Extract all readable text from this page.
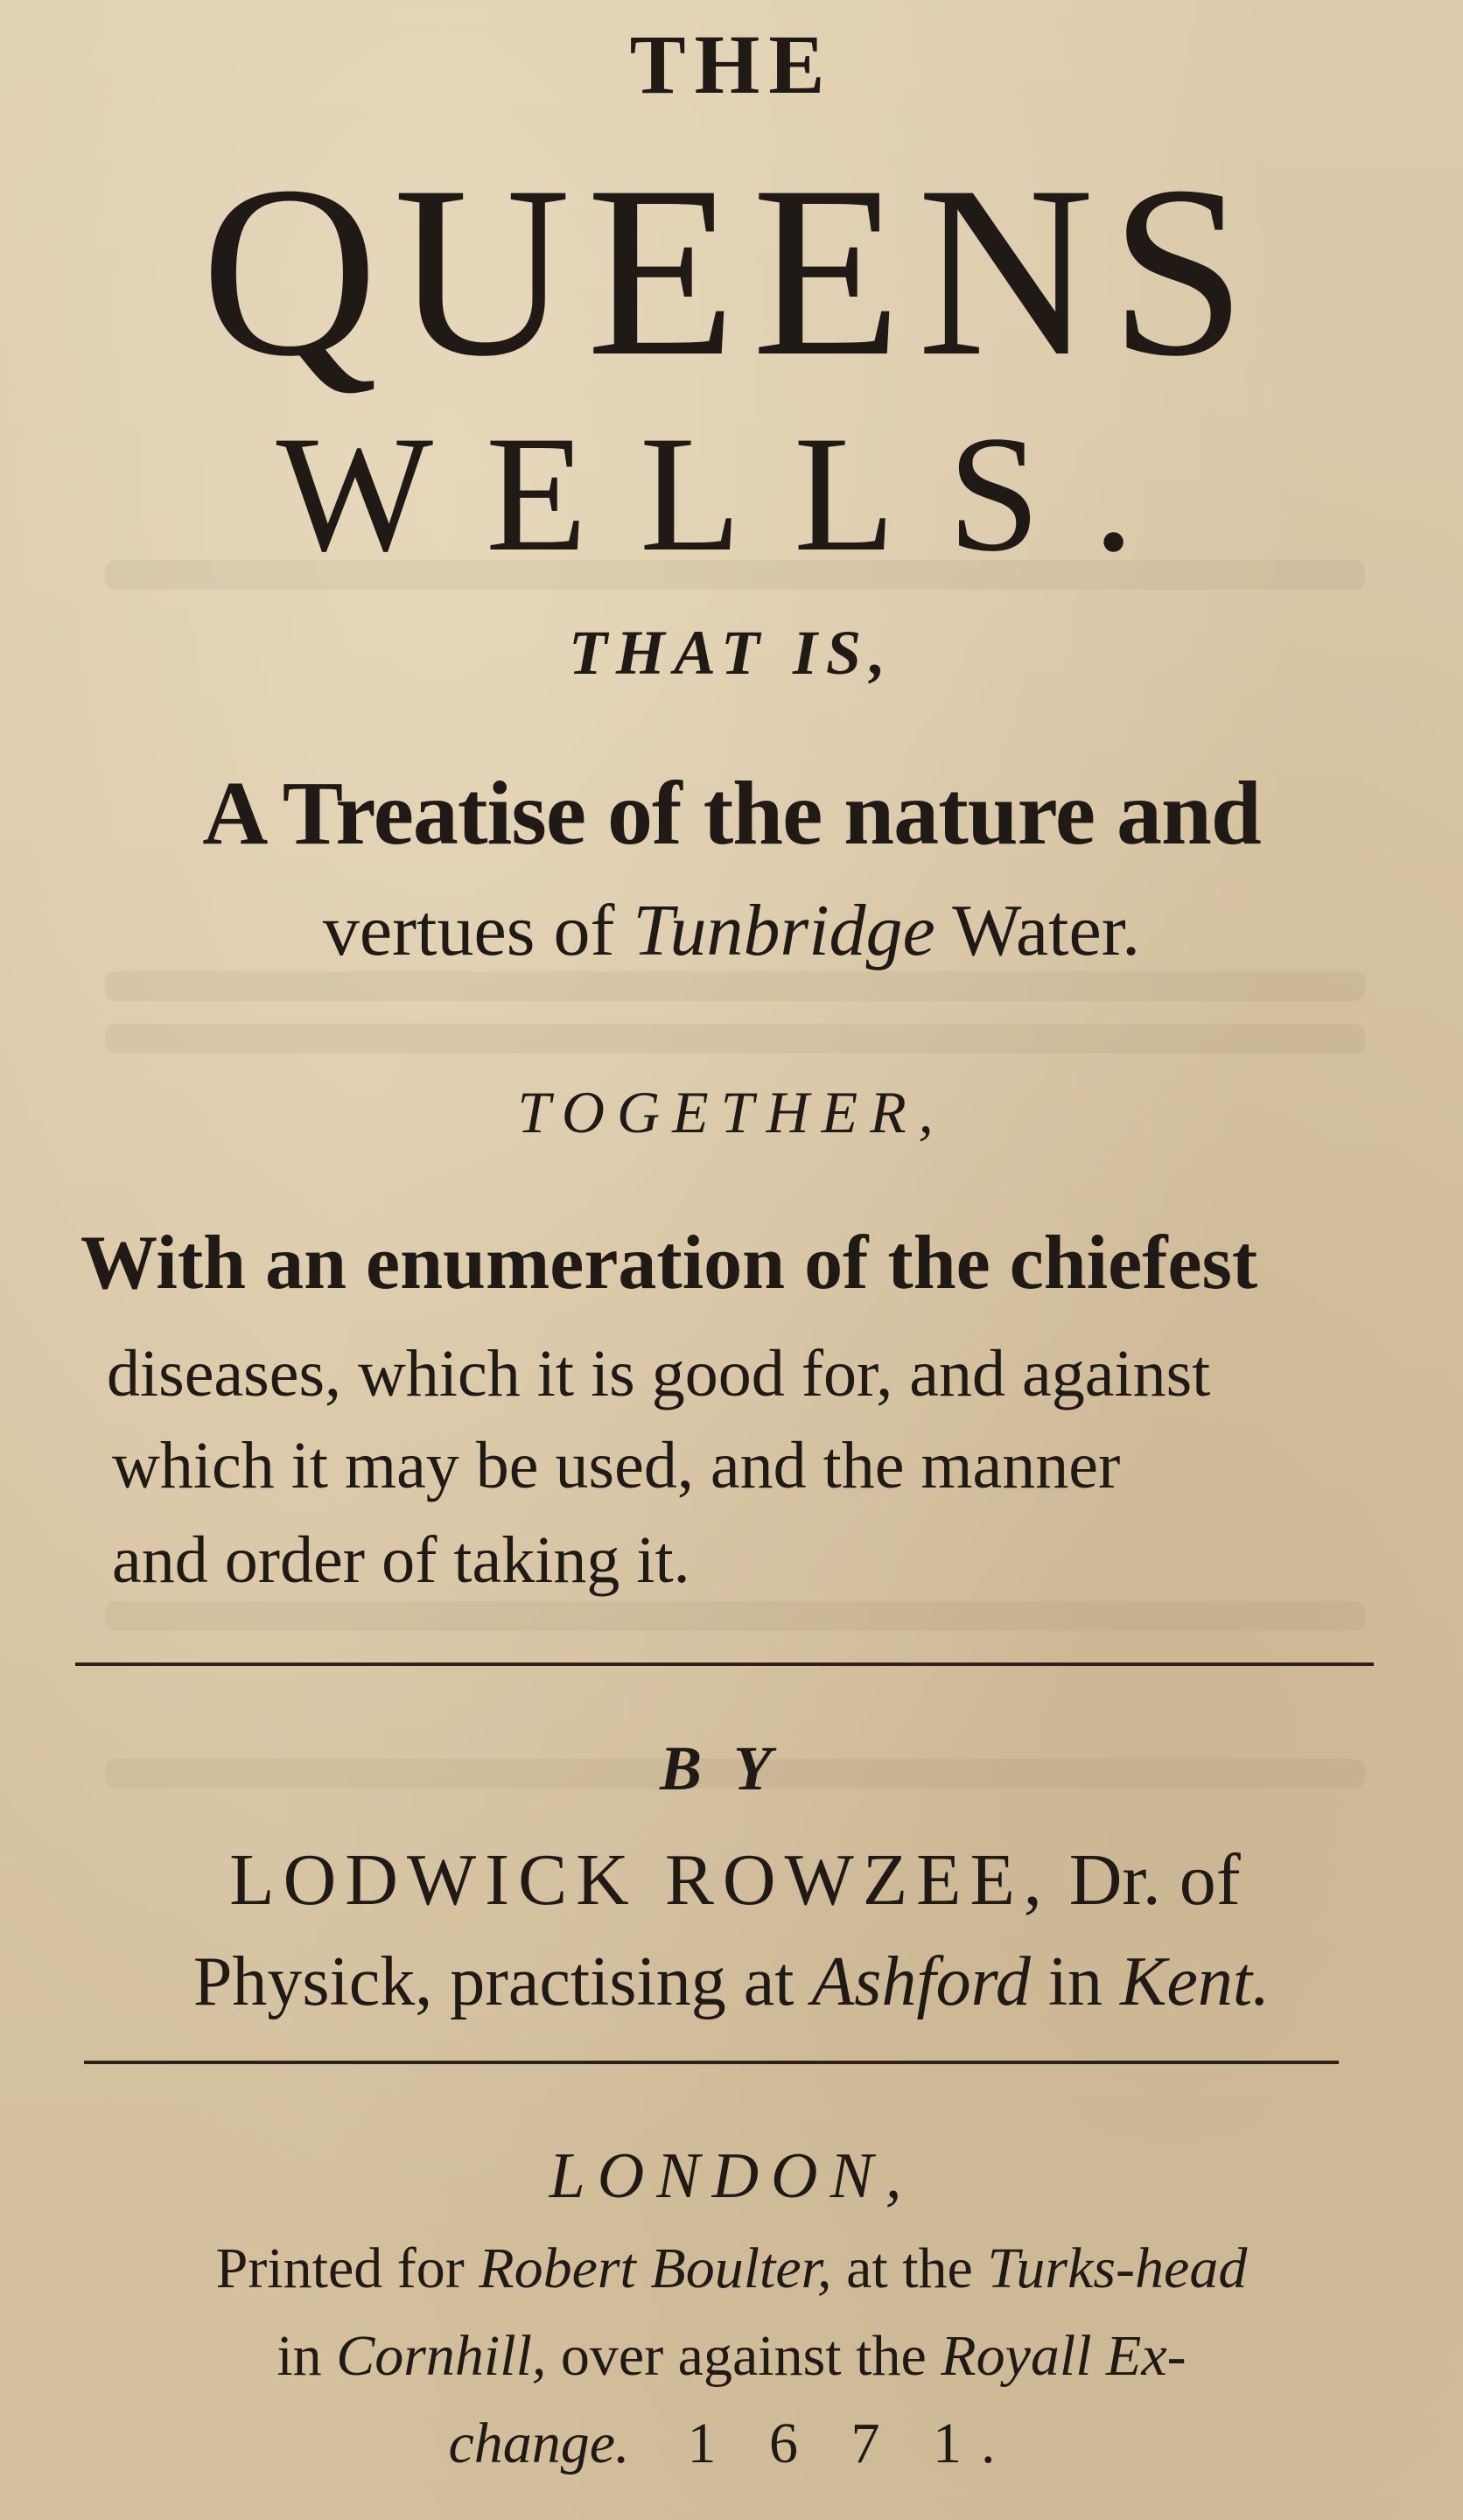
THE
QUEENS
WELLS.
THAT IS,
A Treatise of the nature and
vertues of Tunbridge Water.
TOGETHER,
With an enumeration of the chiefest
diseases, which it is good for, and against
which it may be used, and the manner
and order of taking it.
BY
LODWICK ROWZEE, Dr. of
Physick, practising at Ashford in Kent.
LONDON,
Printed for Robert Boulter, at the Turks-head
in Cornhill, over against the Royall Ex-
change. 1 6 7 1.
